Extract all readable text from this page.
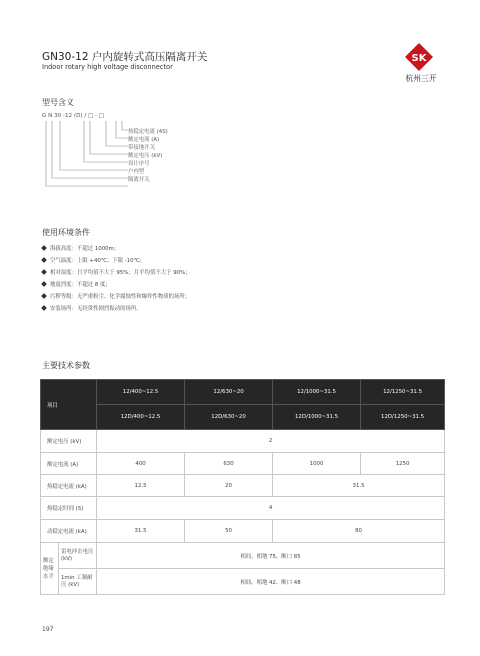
GN30-12 户内旋转式高压隔离开关
Indoor rotary high voltage disconnector
SK
杭州三开
型号含义
G N 30 -12 (D) / □ - □
热稳定电流 (4S)
额定电流 (A)
带接地开关
额定电压 (kV)
设计序号
户内型
隔离开关
使用环境条件
海拔高度：不超过 1000m；
空气温度：上限 +40℃；下限 -10℃；
相对湿度：日平均值不大于 95%；月平均值不大于 90%；
地震烈度：不超过 8 度；
污秽等级：无严重粉尘、化学腐蚀性和爆炸性物质的场所；
安装场所：无经常性剧烈振动的场所。
主要技术参数
项目		12/400~12.5	12/630~20	12/1000~31.5	12/1250~31.5
		12D/400~12.5	12D/630~20	12D/1000~31.5	12D/1250~31.5
额定电压 (kV)		2			
额定电流 (A)		400	630	1000	1250
热稳定电流 (kA)		12.5	20	31.5	
热稳定时间 (S)		4			
动稳定电流 (kA)		31.5	50	80	
额定绝缘水平	雷电冲击电压 (kV)	相间、相地 75、断口 85			
	1min 工频耐压 (kV)	相间、相地 42、断口 48			
197
